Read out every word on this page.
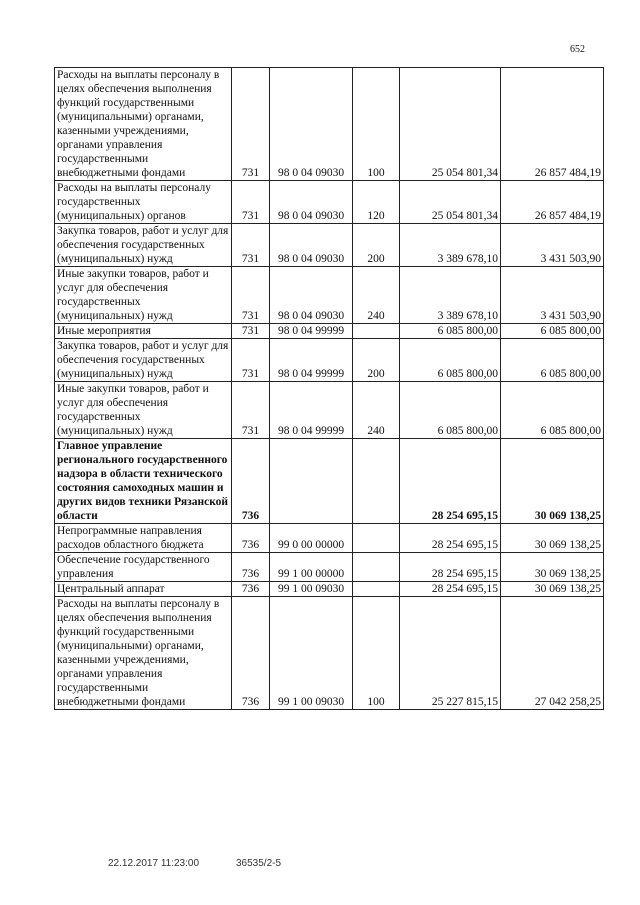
652
Расходы на выплаты персоналу в целях обеспечения выполнения функций государственными (муниципальными) органами, казенными учреждениями, органами управления государственными внебюджетными фондами	731	98 0 04 09030	100	25 054 801,34	26 857 484,19
Расходы на выплаты персоналу государственных (муниципальных) органов	731	98 0 04 09030	120	25 054 801,34	26 857 484,19
Закупка товаров, работ и услуг для обеспечения государственных (муниципальных) нужд	731	98 0 04 09030	200	3 389 678,10	3 431 503,90
Иные закупки товаров, работ и услуг для обеспечения государственных (муниципальных) нужд	731	98 0 04 09030	240	3 389 678,10	3 431 503,90
Иные мероприятия	731	98 0 04 99999		6 085 800,00	6 085 800,00
Закупка товаров, работ и услуг для обеспечения государственных (муниципальных) нужд	731	98 0 04 99999	200	6 085 800,00	6 085 800,00
Иные закупки товаров, работ и услуг для обеспечения государственных (муниципальных) нужд	731	98 0 04 99999	240	6 085 800,00	6 085 800,00
Главное управление регионального государственного надзора в области технического состояния самоходных машин и других видов техники Рязанской области	736			28 254 695,15	30 069 138,25
Непрограммные направления расходов областного бюджета	736	99 0 00 00000		28 254 695,15	30 069 138,25
Обеспечение государственного управления	736	99 1 00 00000		28 254 695,15	30 069 138,25
Центральный аппарат	736	99 1 00 09030		28 254 695,15	30 069 138,25
Расходы на выплаты персоналу в целях обеспечения выполнения функций государственными (муниципальными) органами, казенными учреждениями, органами управления государственными внебюджетными фондами	736	99 1 00 09030	100	25 227 815,15	27 042 258,25
22.12.2017 11:23:00	36535/2-5
